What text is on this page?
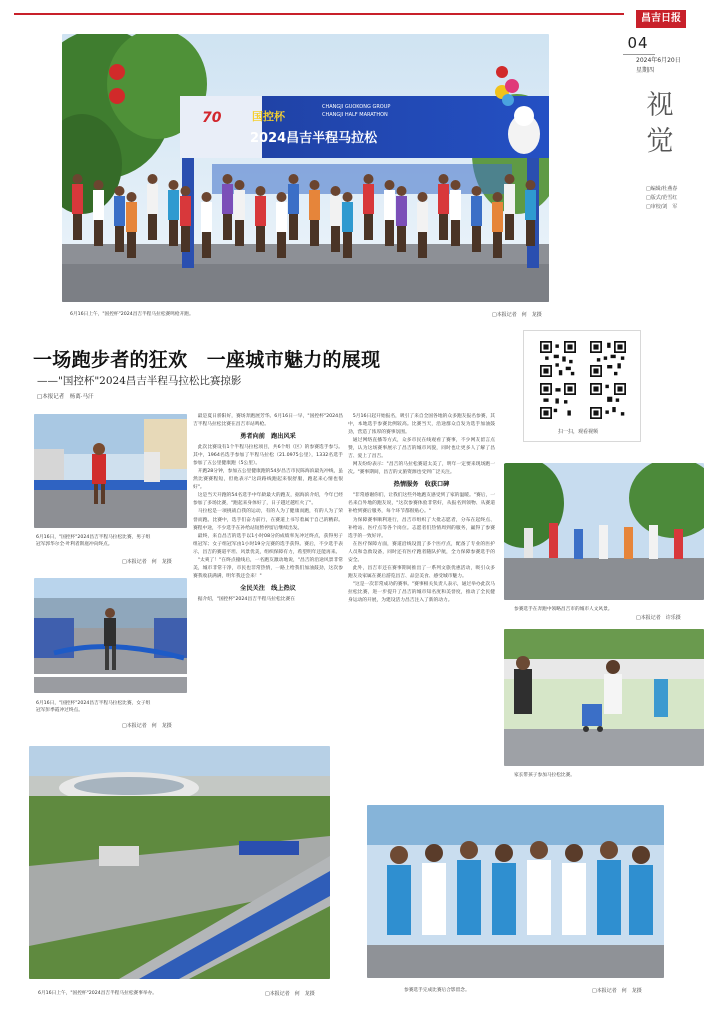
昌吉日报
04
2024年6月20日
星期四
视觉
□编辑/杜燕春
□版式/范雪红
□审校/刘　军
国控杯
CHANGJI GUOKONG GROUP
CHANGJI HALF MARATHON
2024昌吉半程马拉松
70
6月16日上午，"国控杯"2024昌吉半程马拉松赛鸣枪开跑。	□本报记者　何　龙摄
一场跑步者的狂欢　一座城市魅力的展现
——"国控杯"2024昌吉半程马拉松比赛掠影
□本报记者　杨离·马汗
扫一扫，观看视频
6月16日，"国控杯"2024昌吉半程马拉松比赛，男子组
冠军郭华尔全·叶利者斯庭冲向终点。
□本报记者　何　龙摄
6月16日，"国控杯"2024昌吉半程马拉松比赛，女子组
冠军彭季霞冲过终点。
□本报记者　何　龙摄

最是夏日骄阳好，赛场奔跑展芳华。6月16日一早，"国控杯"2024昌吉半程马拉松比赛在昌吉市站鸣枪。

勇者向前　跑出风采

此次比赛设有1个半程马拉松项目，共6个组（区）的参赛选手参与。其中，1964名选手参加了半程马拉松（21.0975公里），1332名选手参加了五公里健康跑（5公里）。

开跑28分钟，参加五公里健康跑的54岁昌吉市民陈海滨最先冲线，虽然比赛赛程短，但他表示"这段路线跑起来很舒服，跑起来心情也很好"。

这是当天开跑的54名选手中年龄最大的跑友，据海滨介绍，今年已经参加了多场比赛，"跑起来身体好了，日子越过越红火了"。

马拉松是一项挑战自我的运动，有的人为了健康而跑，有的人为了荣誉而跑。比赛中，选手们奋力前行，在赛道上书写着属于自己的精彩。赛程中途，不少选手在补给站短暂停留后继续出发。

最终，来自昌吉的选手以1小时08分的成绩率先冲过终点，获得男子组冠军；女子组冠军由1小时19分完赛的选手获得。赛后，不少选手表示，昌吉的赛道平坦、风景优美，组织保障有力，希望明年还能再来。

"太爽了！"在终点撞线后，一名跑友激动地说，"昌吉的沿途风景非常美，城市非常干净，市民也非常热情，一路上给我们加油鼓劲，这次参赛我收获满满，明年我还会来！"

全民关注　线上热议

据介绍，"国控杯"2024昌吉半程马拉松比赛在

5月16日起开始报名，吸引了来自全国各地的众多跑友报名参赛，其中，本地选手参赛比例较高。比赛当天，沿途群众自发为选手加油鼓劲，营造了浓厚的赛事氛围。

通过网络直播等方式，众多市民在线观看了赛事，不少网友留言点赞，认为这场赛事展示了昌吉的城市风貌，同时也让更多人了解了昌吉、爱上了昌吉。

网友纷纷表示："昌吉的马拉松赛道太美了，明年一定要来现场跑一次。"赛事期间，昌吉的文旅资源也受到广泛关注。

热情服务　收获口碑

"非常感谢你们，让我们这些外地跑友感受到了家的温暖。"赛后，一名来自外地的跑友说，"这次参赛体验非常好，从报名到领物、从赛道补给到赛后服务，每个环节都很贴心。"

为保障赛事顺利进行，昌吉市组织了大批志愿者，分布在起终点、补给站、医疗点等各个岗位。志愿者们热情周到的服务，赢得了参赛选手的一致好评。

在医疗保障方面，赛道沿线设置了多个医疗点，配备了专业的医护人员和急救设备，同时还有医疗跑者随队护航，全力保障参赛选手的安全。

此外，昌吉市还在赛事期间推出了一系列文旅优惠活动，吸引众多跑友及家属在赛后游览昌吉、品尝美食、感受城市魅力。

"这是一次非常成功的赛事。"赛事相关负责人表示，通过举办此次马拉松比赛，进一步提升了昌吉的城市知名度和美誉度，推动了全民健身运动的开展，为建设活力昌吉注入了新的动力。

参赛选手在奔跑中领略昌吉市的城市人文风景。
□本报记者　许乐摄
家长带孩子参加马拉松比赛。
6月16日上午，"国控杯"2024昌吉半程马拉松赛事举办。	□本报记者　何　龙摄
参赛选手完成比赛后合影留念。	□本报记者　何　龙摄
